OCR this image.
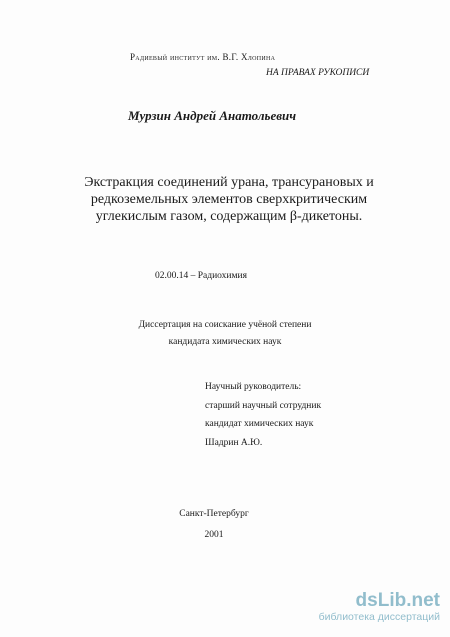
Радиевый институт им. В.Г. Хлопина
НА ПРАВАХ РУКОПИСИ
Мурзин Андрей Анатольевич
Экстракция соединений урана, трансурановых и
редкоземельных элементов сверхкритическим
углекислым газом, содержащим β-дикетоны.
02.00.14 – Радиохимия
Диссертация на соискание учёной степени
кандидата химических наук
Научный руководитель:
старший научный сотрудник
кандидат химических наук
Шадрин А.Ю.
Санкт-Петербург
2001
dsLib.net
библиотека диссертаций
